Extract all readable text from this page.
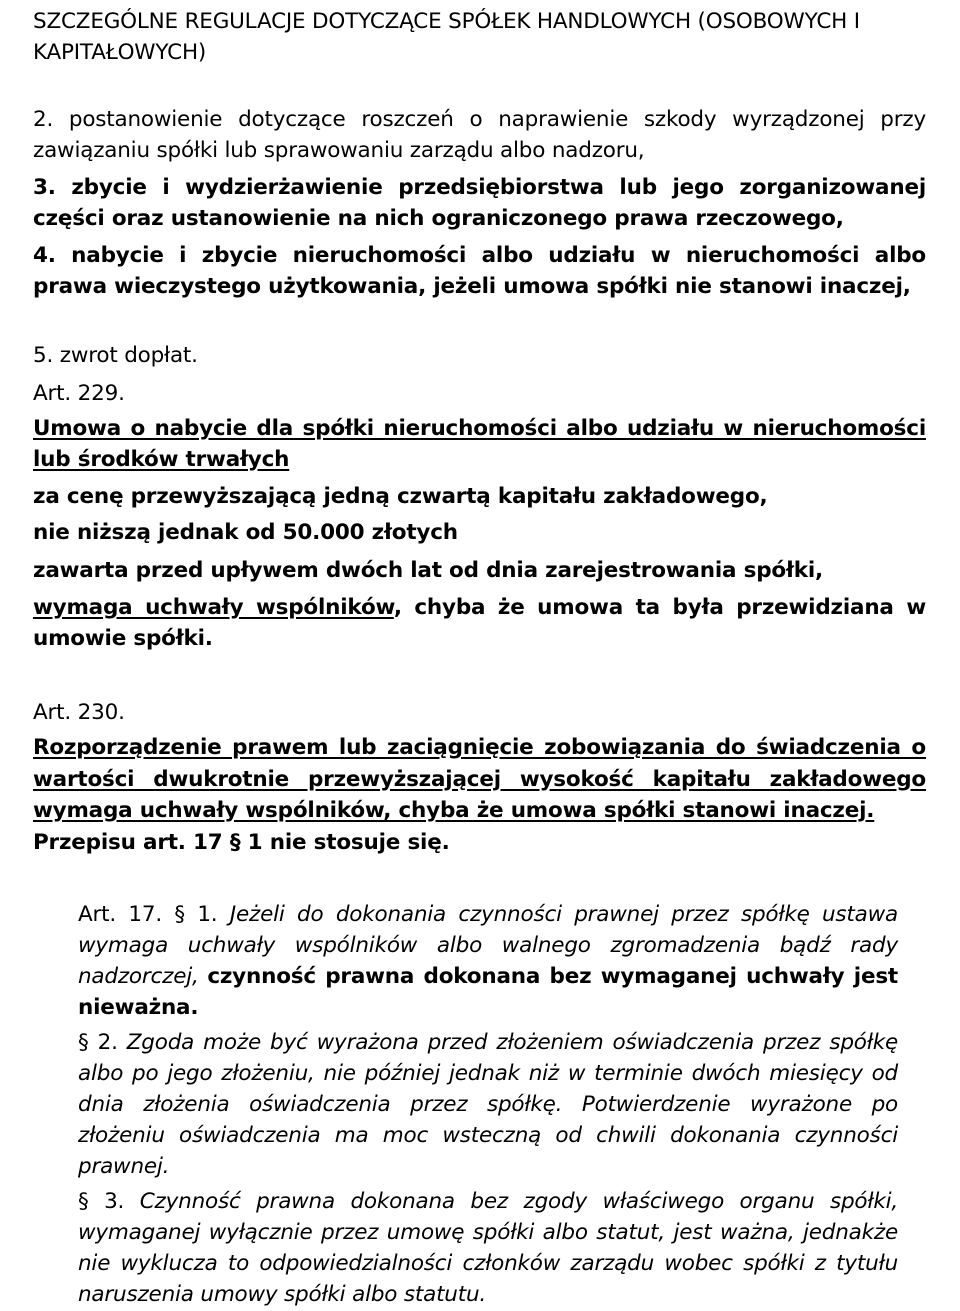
SZCZEGÓLNE REGULACJE DOTYCZĄCE SPÓŁEK HANDLOWYCH (OSOBOWYCH I
KAPITAŁOWYCH)
2. postanowienie dotyczące roszczeń o naprawienie szkody wyrządzonej przy zawiązaniu spółki lub sprawowaniu zarządu albo nadzoru,
3. zbycie i wydzierżawienie przedsiębiorstwa lub jego zorganizowanej części oraz ustanowienie na nich ograniczonego prawa rzeczowego,
4. nabycie i zbycie nieruchomości albo udziału w nieruchomości albo prawa wieczystego użytkowania, jeżeli umowa spółki nie stanowi inaczej,
5. zwrot dopłat.
Art. 229.
Umowa o nabycie dla spółki nieruchomości albo udziału w nieruchomości lub środków trwałych
za cenę przewyższającą jedną czwartą kapitału zakładowego,
nie niższą jednak od 50.000 złotych
zawarta przed upływem dwóch lat od dnia zarejestrowania spółki,
wymaga uchwały wspólników, chyba że umowa ta była przewidziana w umowie spółki.
Art. 230.
Rozporządzenie prawem lub zaciągnięcie zobowiązania do świadczenia o wartości dwukrotnie przewyższającej wysokość kapitału zakładowego wymaga uchwały wspólników, chyba że umowa spółki stanowi inaczej.
Przepisu art. 17 § 1 nie stosuje się.
Art. 17. § 1. Jeżeli do dokonania czynności prawnej przez spółkę ustawa wymaga uchwały wspólników albo walnego zgromadzenia bądź rady nadzorczej, czynność prawna dokonana bez wymaganej uchwały jest nieważna.
§ 2. Zgoda może być wyrażona przed złożeniem oświadczenia przez spółkę albo po jego złożeniu, nie później jednak niż w terminie dwóch miesięcy od dnia złożenia oświadczenia przez spółkę. Potwierdzenie wyrażone po złożeniu oświadczenia ma moc wsteczną od chwili dokonania czynności prawnej.
§ 3. Czynność prawna dokonana bez zgody właściwego organu spółki, wymaganej wyłącznie przez umowę spółki albo statut, jest ważna, jednakże nie wyklucza to odpowiedzialności członków zarządu wobec spółki z tytułu naruszenia umowy spółki albo statutu.
